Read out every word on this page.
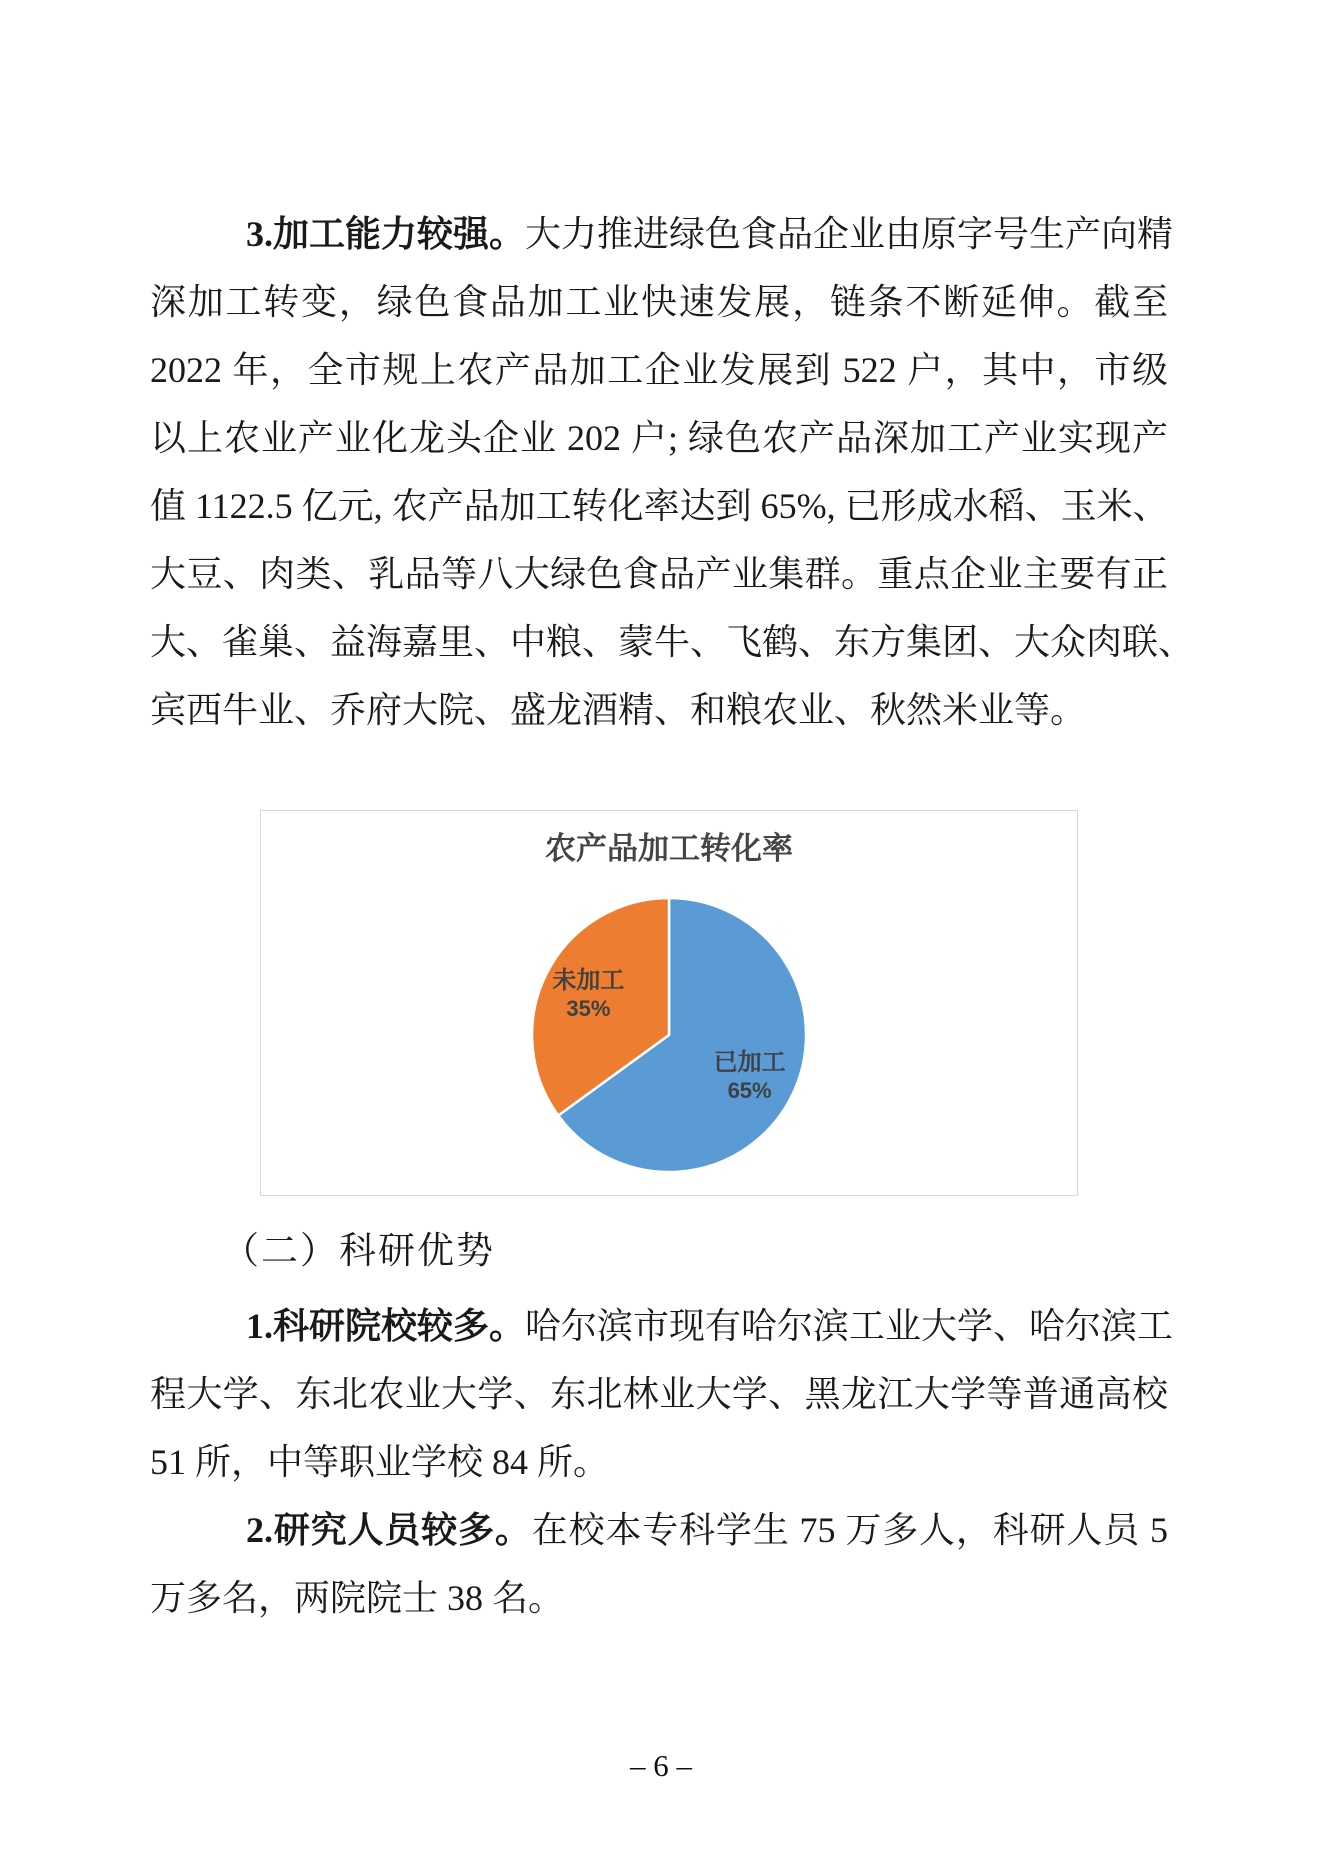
3.加工能力较强。大力推进绿色食品企业由原字号生产向精
深加工转变，绿色食品加工业快速发展，链条不断延伸。截至
2022 年，全市规上农产品加工企业发展到 522 户，其中，市级
以上农业产业化龙头企业 202 户; 绿色农产品深加工产业实现产
值 1122.5 亿元, 农产品加工转化率达到 65%, 已形成水稻、玉米、
大豆、肉类、乳品等八大绿色食品产业集群。重点企业主要有正
大、雀巢、益海嘉里、中粮、蒙牛、飞鹤、东方集团、大众肉联、
宾西牛业、乔府大院、盛龙酒精、和粮农业、秋然米业等。
农产品加工转化率
已加工
65%
未加工
35%
（二）科研优势
1.科研院校较多。哈尔滨市现有哈尔滨工业大学、哈尔滨工
程大学、东北农业大学、东北林业大学、黑龙江大学等普通高校
51 所，中等职业学校 84 所。
2.研究人员较多。在校本专科学生 75 万多人，科研人员 5
万多名，两院院士 38 名。
– 6 –
